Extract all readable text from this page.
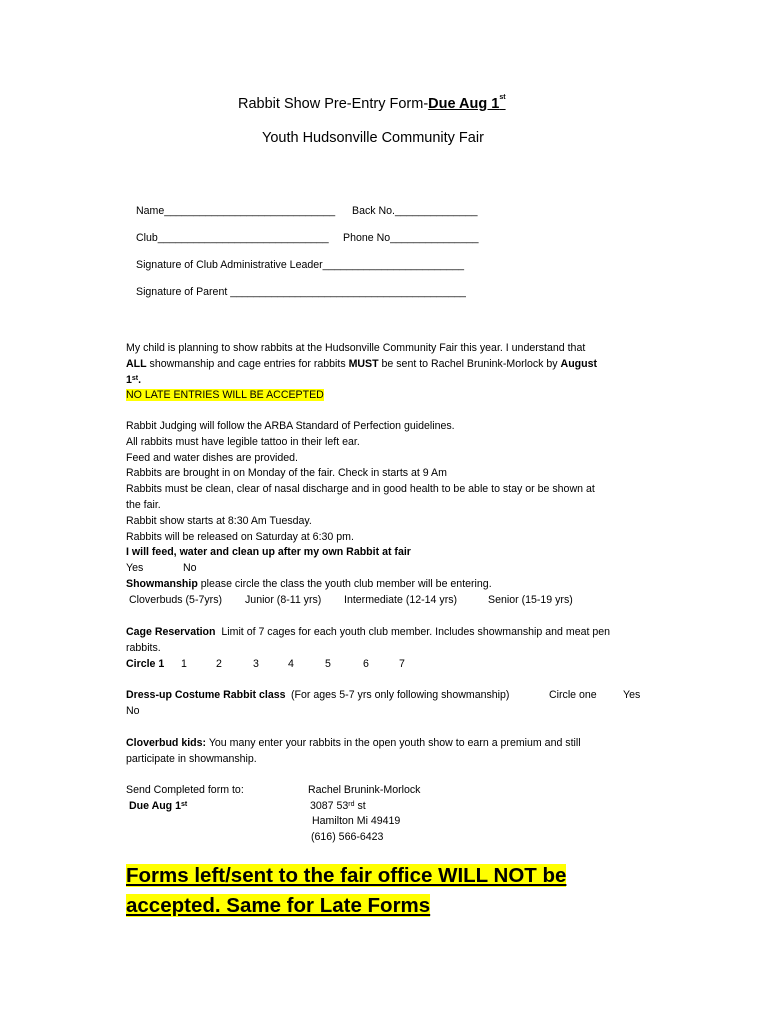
Rabbit Show Pre-Entry Form-Due Aug 1st
Youth Hudsonville Community Fair
Name_____________________________ Back No.______________
Club_____________________________ Phone No_______________
Signature of Club Administrative Leader________________________
Signature of Parent ________________________________________
My child is planning to show rabbits at the Hudsonville Community Fair this year. I understand that
ALL showmanship and cage entries for rabbits MUST be sent to Rachel Brunink-Morlock by August
1st.
NO LATE ENTRIES WILL BE ACCEPTED
Rabbit Judging will follow the ARBA Standard of Perfection guidelines.
All rabbits must have legible tattoo in their left ear.
Feed and water dishes are provided.
Rabbits are brought in on Monday of the fair. Check in starts at 9 Am
Rabbits must be clean, clear of nasal discharge and in good health to be able to stay or be shown at
the fair.
Rabbit show starts at 8:30 Am Tuesday.
Rabbits will be released on Saturday at 6:30 pm.
I will feed, water and clean up after my own Rabbit at fair
Yes	No
Showmanship please circle the class the youth club member will be entering.
Cloverbuds (5-7yrs) Junior (8-11 yrs) Intermediate (12-14 yrs)	Senior (15-19 yrs)
Cage Reservation  Limit of 7 cages for each youth club member. Includes showmanship and meat pen
rabbits.
Circle 1 1	2	3	4	5	6	7
Dress-up Costume Rabbit class (For ages 5-7 yrs only following showmanship)	Circle one Yes
No
Cloverbud kids: You many enter your rabbits in the open youth show to earn a premium and still
participate in showmanship.
Send Completed form to:
Due Aug 1st
Rachel Brunink-Morlock
3087 53rd st
Hamilton Mi 49419
(616) 566-6423
Forms left/sent to the fair office WILL NOT be
accepted. Same for Late Forms
